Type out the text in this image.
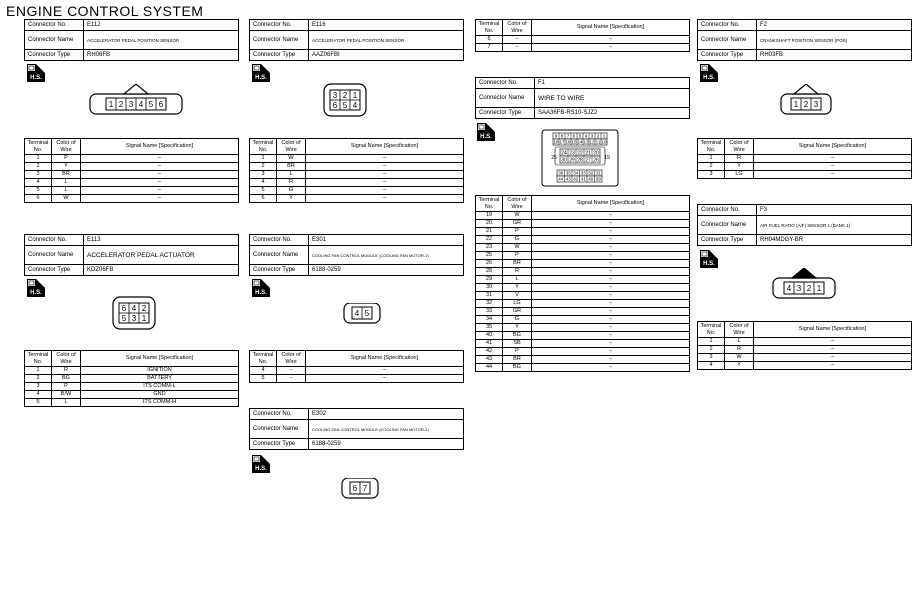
ENGINE CONTROL SYSTEM
Connector No.	E112
Connector Name	ACCELERATOR PEDAL POSITION SENSOR
Connector Type	RH06FB
H.S.
1 2 3 4 5 6
Terminal No.	Color of Wire	Signal Name [Specification]
1	P	–
2	Y	–
3	BR	–
4	L	–
5	L	–
6	W	–
Connector No.	E113
Connector Name	ACCELERATOR PEDAL ACTUATOR
Connector Type	KDZ06FB
H.S.
6 4 2
5 3 1
Terminal No.	Color of Wire	Signal Name [Specification]
1	R	IGNITION
2	BG	BATTERY
3	P	ITS COMM-L
4	B/W	GND
5	L	ITS COMM-H
Connector No.	E116
Connector Name	ACCELERATOR PEDAL POSITION SENSOR
Connector Type	AAZ06FBI
H.S.
3 2 1
6 5 4
Terminal No.	Color of Wire	Signal Name [Specification]
1	W	–
2	BR	–
3	L	–
4	R	–
5	G	–
6	Y	–
Connector No.	E301
Connector Name	COOLING FAN CONTROL MODULE (COOLING FAN MOTOR-1)
Connector Type	6188-0259
H.S.
4 5
Terminal No.	Color of Wire	Signal Name [Specification]
4	–	–
5	–	–
Connector No.	E302
Connector Name	COOLING FAN CONTROL MODULE (COOLING FAN MOTOR-2)
Connector Type	6188-0259
H.S.
6 7
Terminal No.	Color of Wire	Signal Name [Specification]
6	–	–
7	–	–
Connector No.	F1
Connector Name	WIRE TO WIRE
Connector Type	SAA36FB-RS10-SJZ2
H.S.	9 8 7 6 5 4 3 2 1
18 17 16 15 14 13 12 11 10
25
24 23 22 21 20
30 29 28 27 26 19
36 35 34 33 32 31
44 43 42 41 40 39
Terminal No.	Color of Wire	Signal Name [Specification]
19	W	–
20	GR	–
21	P	–
22	G	–
23	W	–
25	P	–
26	BR	–
28	R	–
29	L	–
30	Y	–
31	V	–
32	LG	–
33	GR	–
34	G	–
35	Y	–
40	BG	–
41	SB	–
42	P	–
43	BR	–
44	BG	–
Connector No.	F2
Connector Name	CRANKSHAFT POSITION SENSOR (POS)
Connector Type	RH03FB
H.S.
1 2 3
Terminal No.	Color of Wire	Signal Name [Specification]
1	R	–
2	Y	–
3	LG	–
Connector No.	F3
Connector Name	AIR FUEL RATIO (A/F) SENSOR 1 (BANK 1)
Connector Type	RH04MDGY-BR
H.S.
4 3 2 1
Terminal No.	Color of Wire	Signal Name [Specification]
1	L	–
2	R	–
3	W	–
4	Y	–
